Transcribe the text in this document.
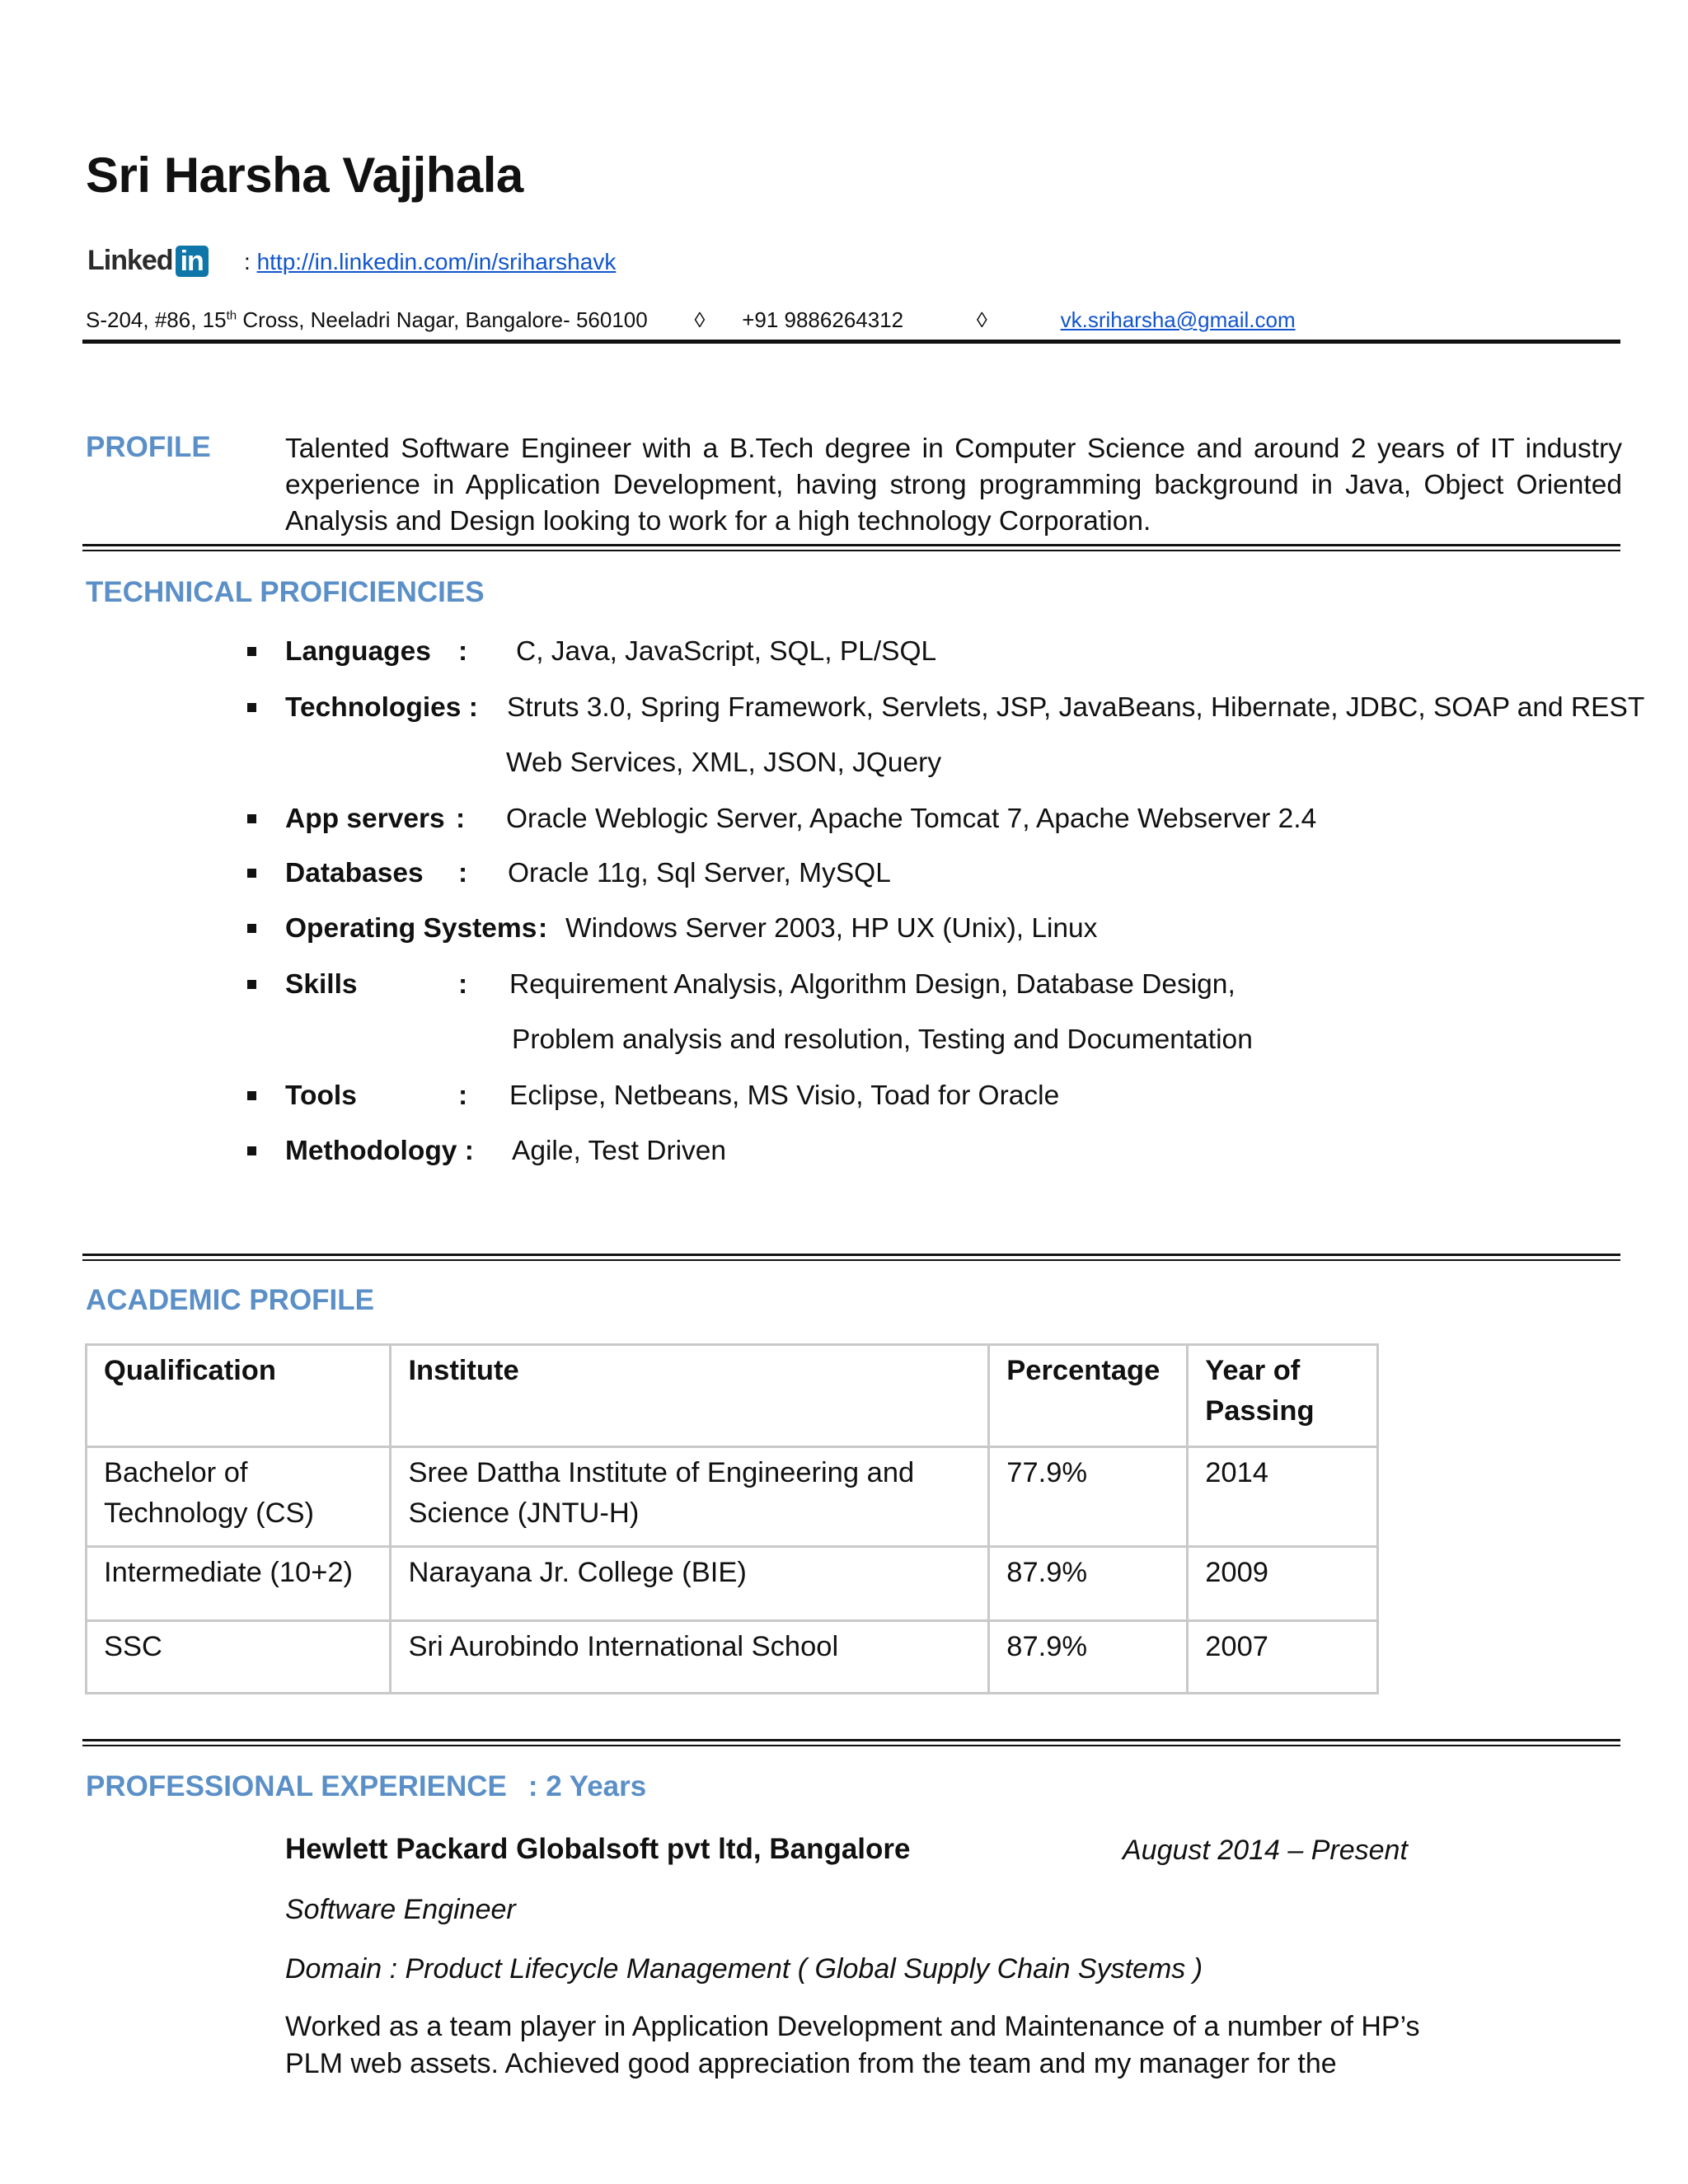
Sri Harsha Vajjhala
Linked in : http://in.linkedin.com/in/sriharshavk
S-204, #86, 15th Cross, Neeladri Nagar, Bangalore- 560100 ◊ +91 9886264312	◊	vk.sriharsha@gmail.com
PROFILE	Talented Software Engineer with a B.Tech degree in Computer Science and around 2 years of IT industry experience in Application Development, having strong programming background in Java, Object Oriented Analysis and Design looking to work for a high technology Corporation.
TECHNICAL PROFICIENCIES
Languages : C, Java, JavaScript, SQL, PL/SQL
Technologies : Struts 3.0, Spring Framework, Servlets, JSP, JavaBeans, Hibernate, JDBC, SOAP and REST
Web Services, XML, JSON, JQuery
App servers : Oracle Weblogic Server, Apache Tomcat 7, Apache Webserver 2.4
Databases : Oracle 11g, Sql Server, MySQL
Operating Systems : Windows Server 2003, HP UX (Unix), Linux
Skills	: Requirement Analysis, Algorithm Design, Database Design,
Problem analysis and resolution, Testing and Documentation
Tools	: Eclipse, Netbeans, MS Visio, Toad for Oracle
Methodology : Agile, Test Driven
ACADEMIC PROFILE
Qualification	Institute	Percentage	Year of Passing
Bachelor of Technology (CS)	Sree Dattha Institute of Engineering and Science (JNTU-H)	77.9%	2014
Intermediate (10+2)	Narayana Jr. College (BIE)	87.9%	2009
SSC	Sri Aurobindo International School	87.9%	2007
PROFESSIONAL EXPERIENCE : 2 Years
Hewlett Packard Globalsoft pvt ltd, Bangalore	August 2014 – Present
Software Engineer
Domain : Product Lifecycle Management ( Global Supply Chain Systems )
Worked as a team player in Application Development and Maintenance of a number of HP’s PLM web assets. Achieved good appreciation from the team and my manager for the
